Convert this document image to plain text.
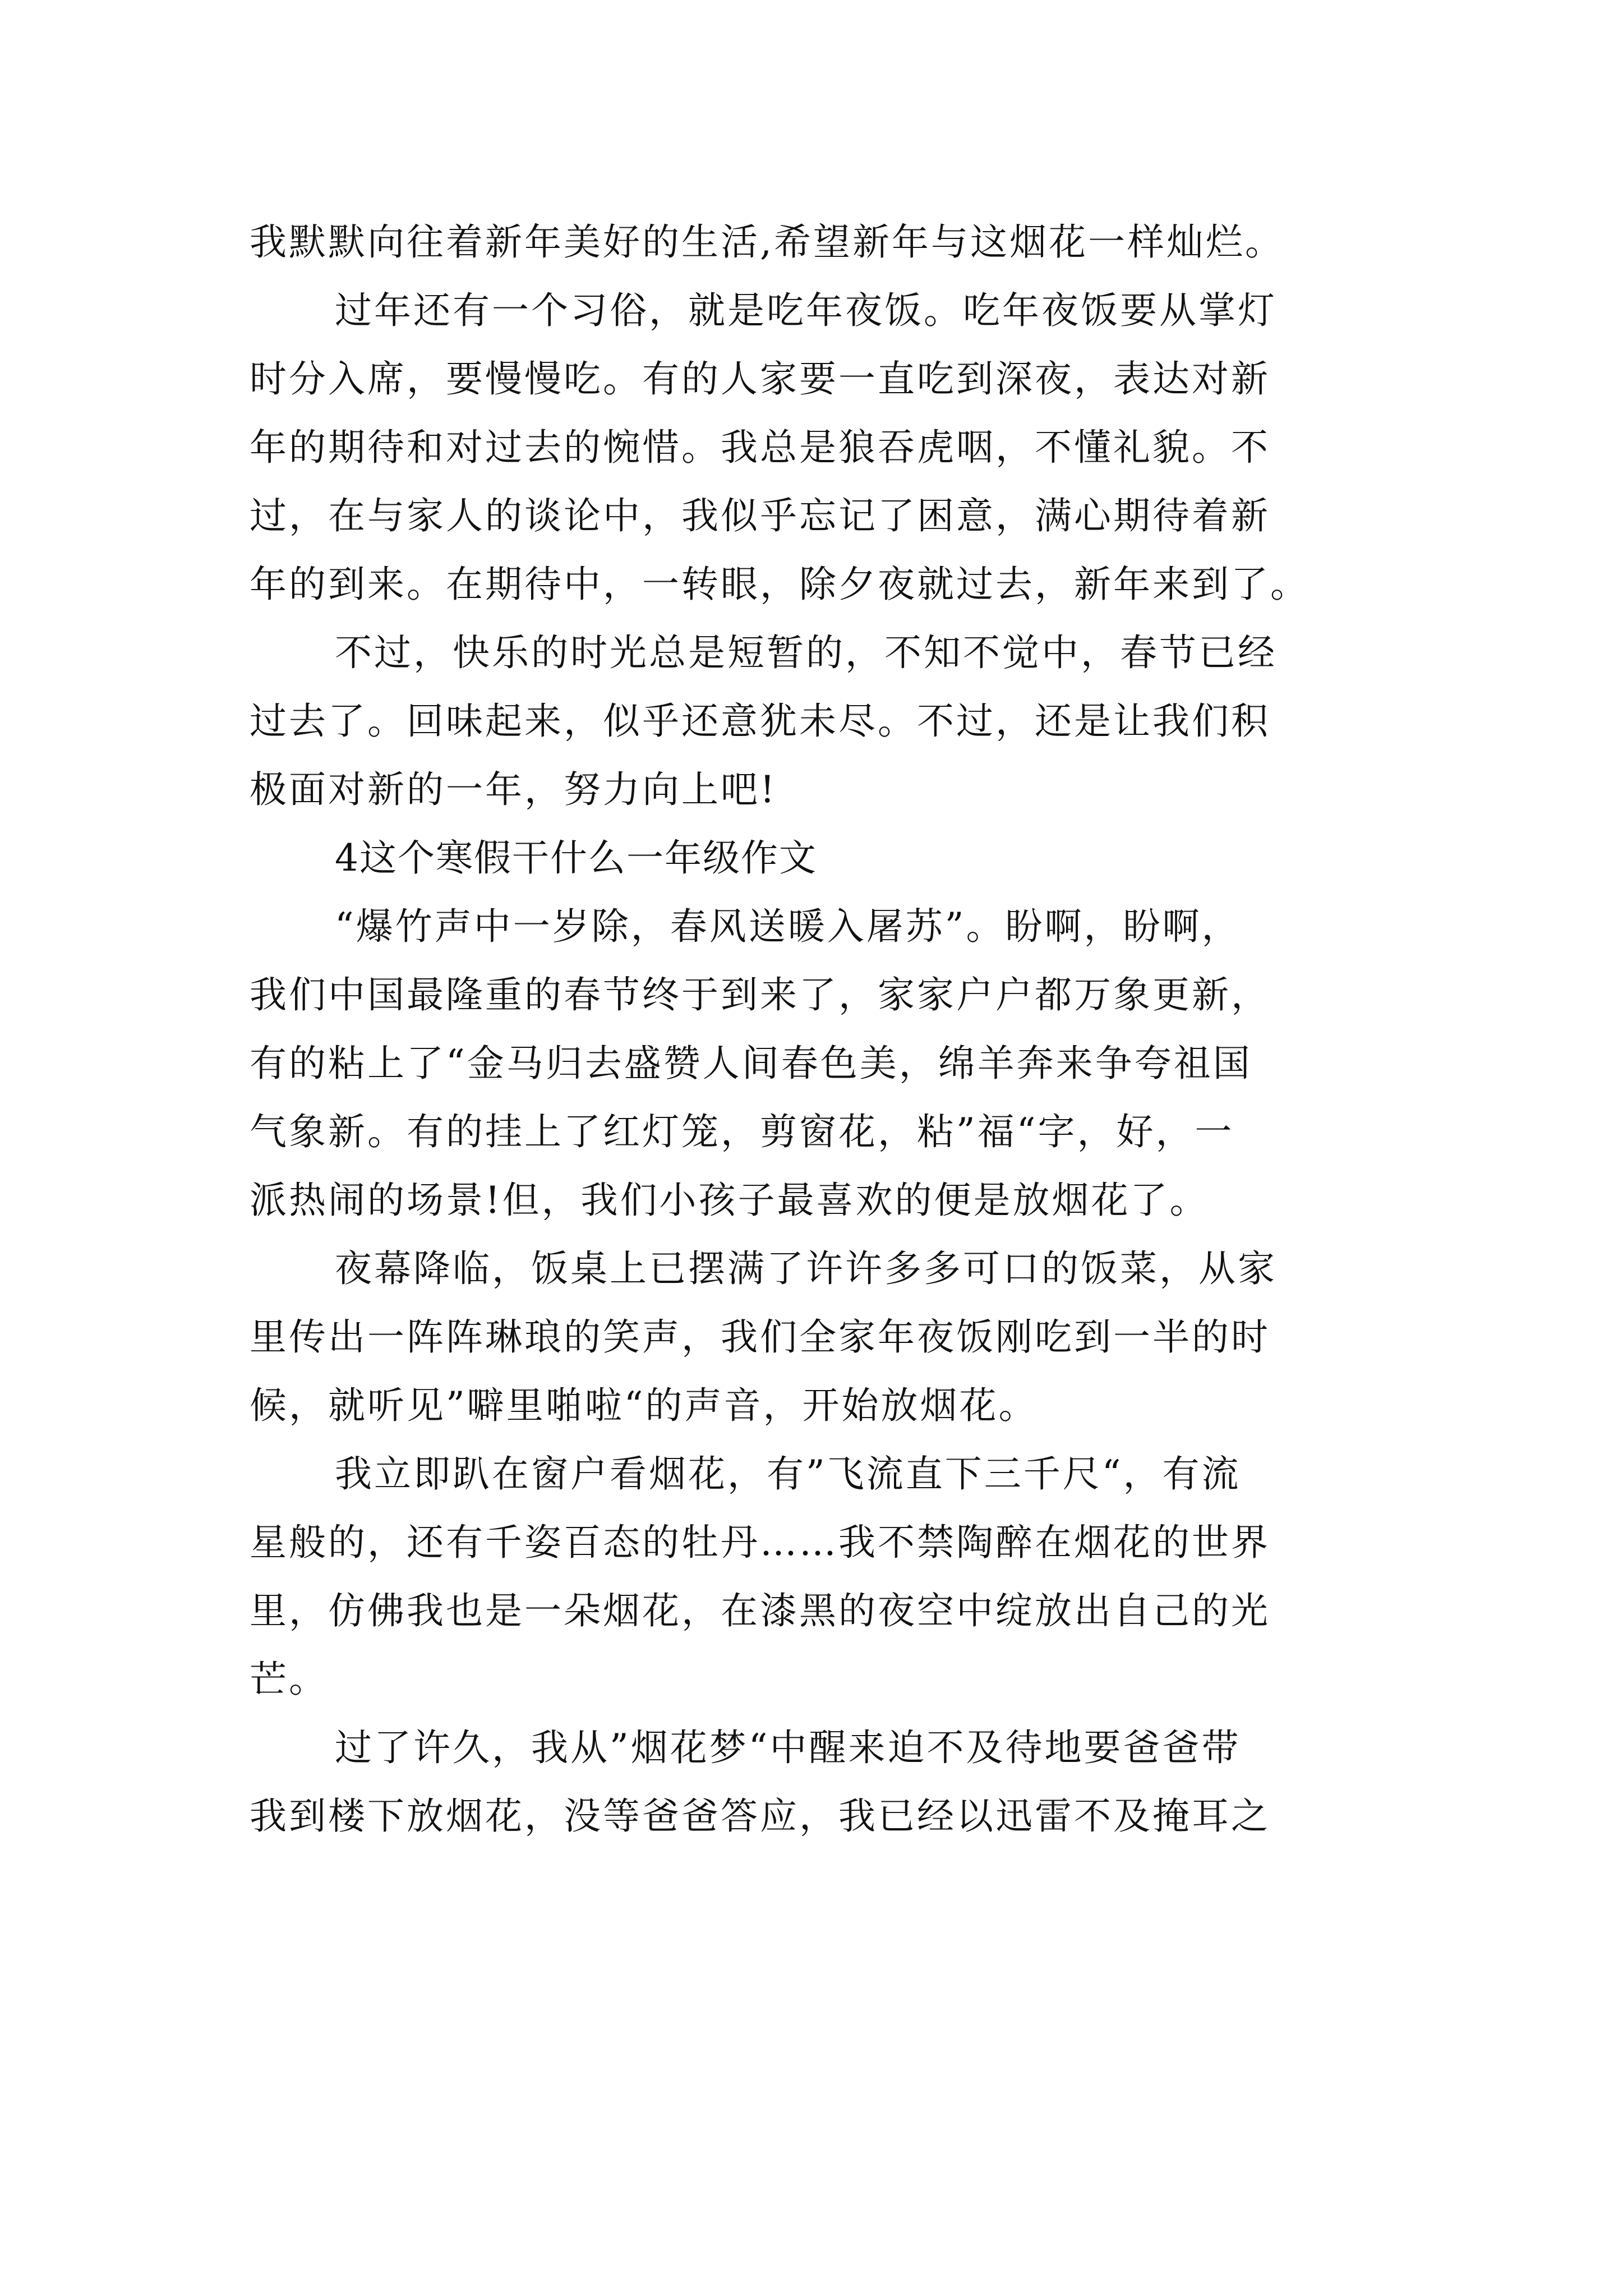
我默默向往着新年美好的生活,希望新年与这烟花一样灿烂。

过年还有一个习俗，就是吃年夜饭。吃年夜饭要从掌灯

时分入席，要慢慢吃。有的人家要一直吃到深夜，表达对新

年的期待和对过去的惋惜。我总是狼吞虎咽，不懂礼貌。不

过，在与家人的谈论中，我似乎忘记了困意，满心期待着新

年的到来。在期待中，一转眼，除夕夜就过去，新年来到了。

不过，快乐的时光总是短暂的，不知不觉中，春节已经

过去了。回味起来，似乎还意犹未尽。不过，还是让我们积

极面对新的一年，努力向上吧!

4这个寒假干什么一年级作文

“爆竹声中一岁除，春风送暖入屠苏”。盼啊，盼啊，

我们中国最隆重的春节终于到来了，家家户户都万象更新，

有的粘上了“金马归去盛赞人间春色美，绵羊奔来争夸祖国

气象新。有的挂上了红灯笼，剪窗花，粘”福“字，好，一

派热闹的场景!但，我们小孩子最喜欢的便是放烟花了。

夜幕降临，饭桌上已摆满了许许多多可口的饭菜，从家

里传出一阵阵琳琅的笑声，我们全家年夜饭刚吃到一半的时

候，就听见”噼里啪啦“的声音，开始放烟花。

我立即趴在窗户看烟花，有”飞流直下三千尺“，有流

星般的，还有千姿百态的牡丹……我不禁陶醉在烟花的世界

里，仿佛我也是一朵烟花，在漆黑的夜空中绽放出自己的光

芒。

过了许久，我从”烟花梦“中醒来迫不及待地要爸爸带

我到楼下放烟花，没等爸爸答应，我已经以迅雷不及掩耳之
